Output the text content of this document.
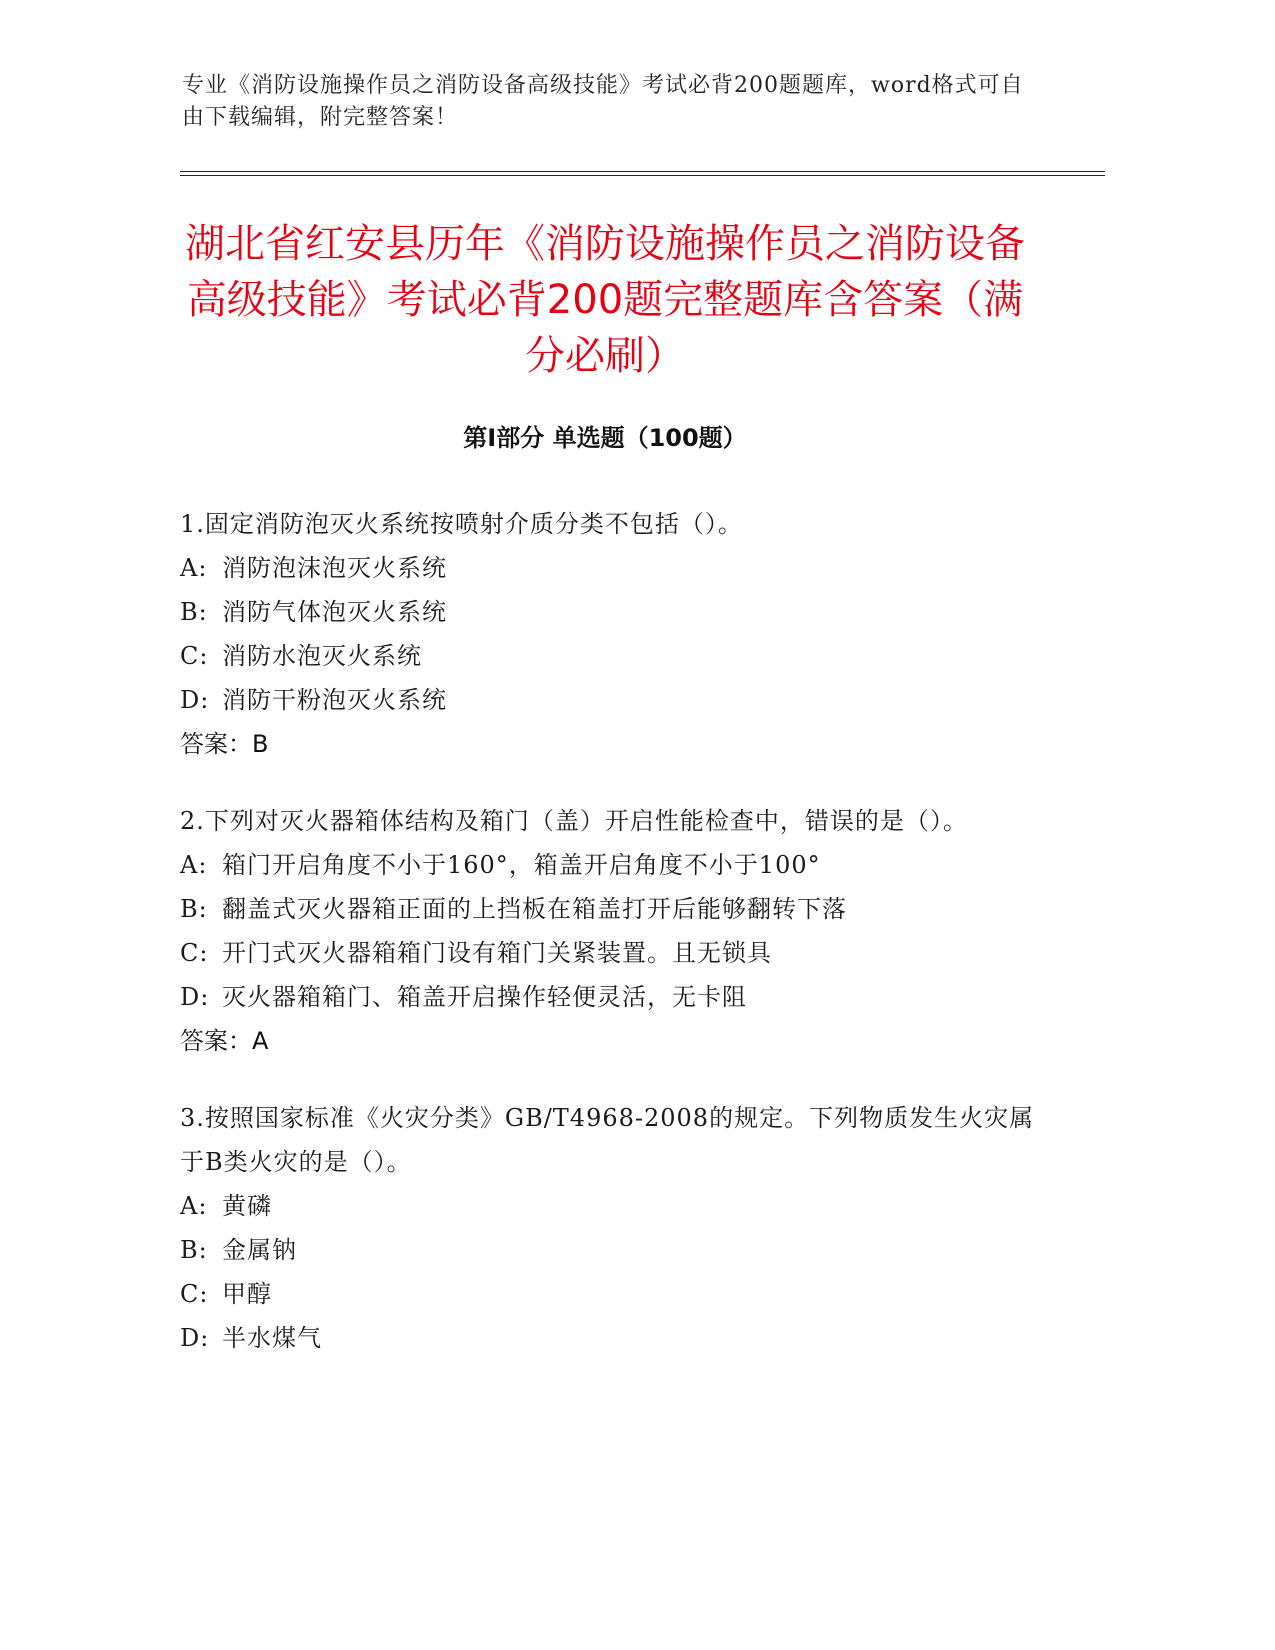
专业《消防设施操作员之消防设备高级技能》考试必背200题题库，word格式可自由下载编辑，附完整答案！
湖北省红安县历年《消防设施操作员之消防设备高级技能》考试必背200题完整题库含答案（满分必刷）
第I部分 单选题（100题）

1.固定消防泡灭火系统按喷射介质分类不包括（）。

A: 消防泡沫泡灭火系统

B: 消防气体泡灭火系统

C: 消防水泡灭火系统

D: 消防干粉泡灭火系统

答案：B

2.下列对灭火器箱体结构及箱门（盖）开启性能检查中，错误的是（）。

A: 箱门开启角度不小于160°，箱盖开启角度不小于100°

B: 翻盖式灭火器箱正面的上挡板在箱盖打开后能够翻转下落

C: 开门式灭火器箱箱门设有箱门关紧装置。且无锁具

D: 灭火器箱箱门、箱盖开启操作轻便灵活，无卡阻

答案：A

3.按照国家标准《火灾分类》GB/T4968-2008的规定。下列物质发生火灾属于B类火灾的是（）。

A: 黄磷

B: 金属钠

C: 甲醇

D: 半水煤气
